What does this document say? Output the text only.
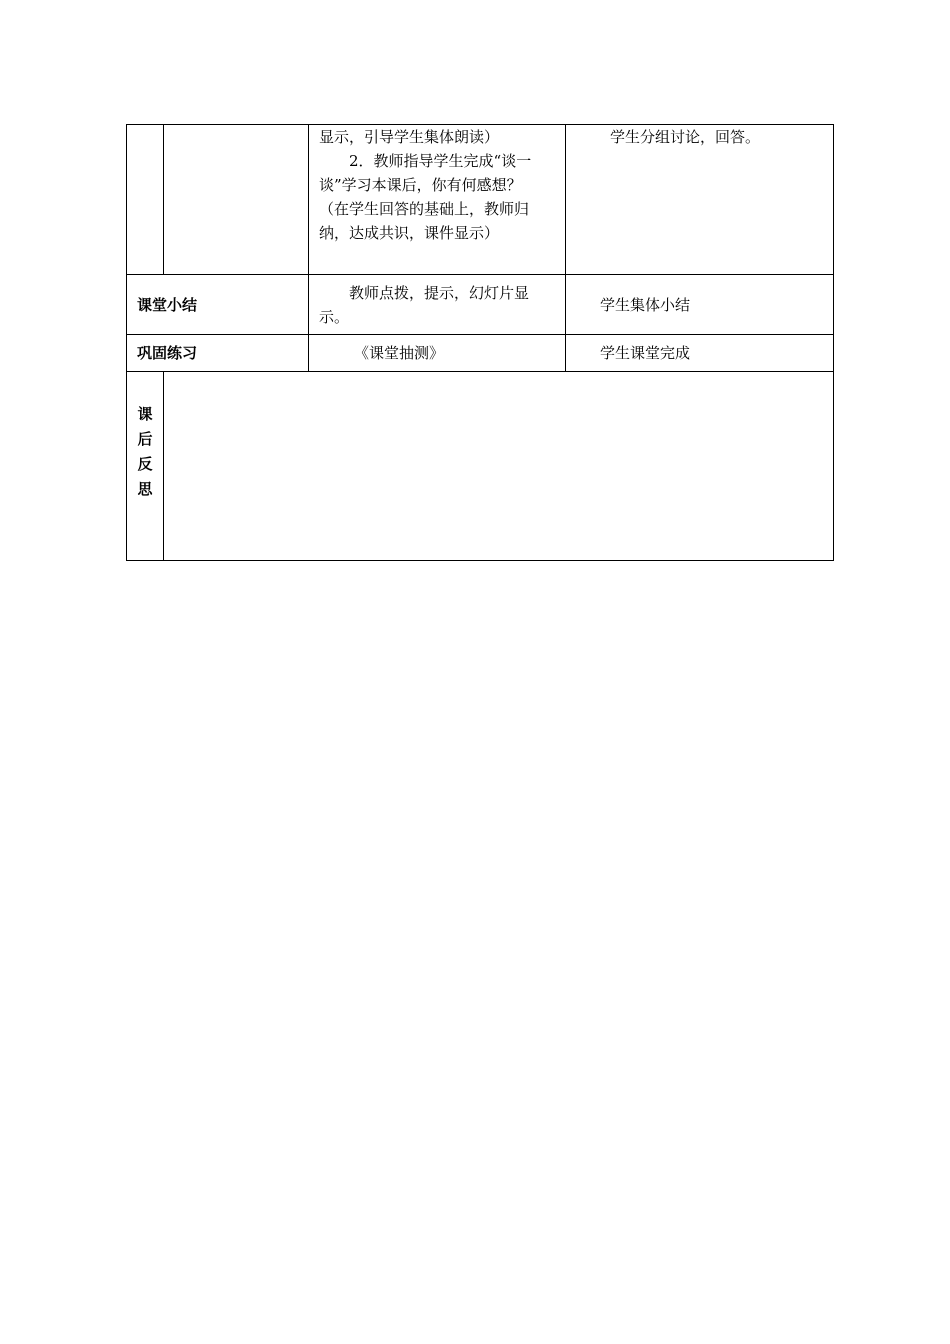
		显示，引导学生集体朗读）
2．教师指导学生完成“谈一
谈”学习本课后，你有何感想？
（在学生回答的基础上，教师归
纳，达成共识，课件显示）	学生分组讨论，回答。
课堂小结		教师点拨，提示，幻灯片显
示。	学生集体小结
巩固练习		《课堂抽测》	学生课堂完成

课
后
反
思			
